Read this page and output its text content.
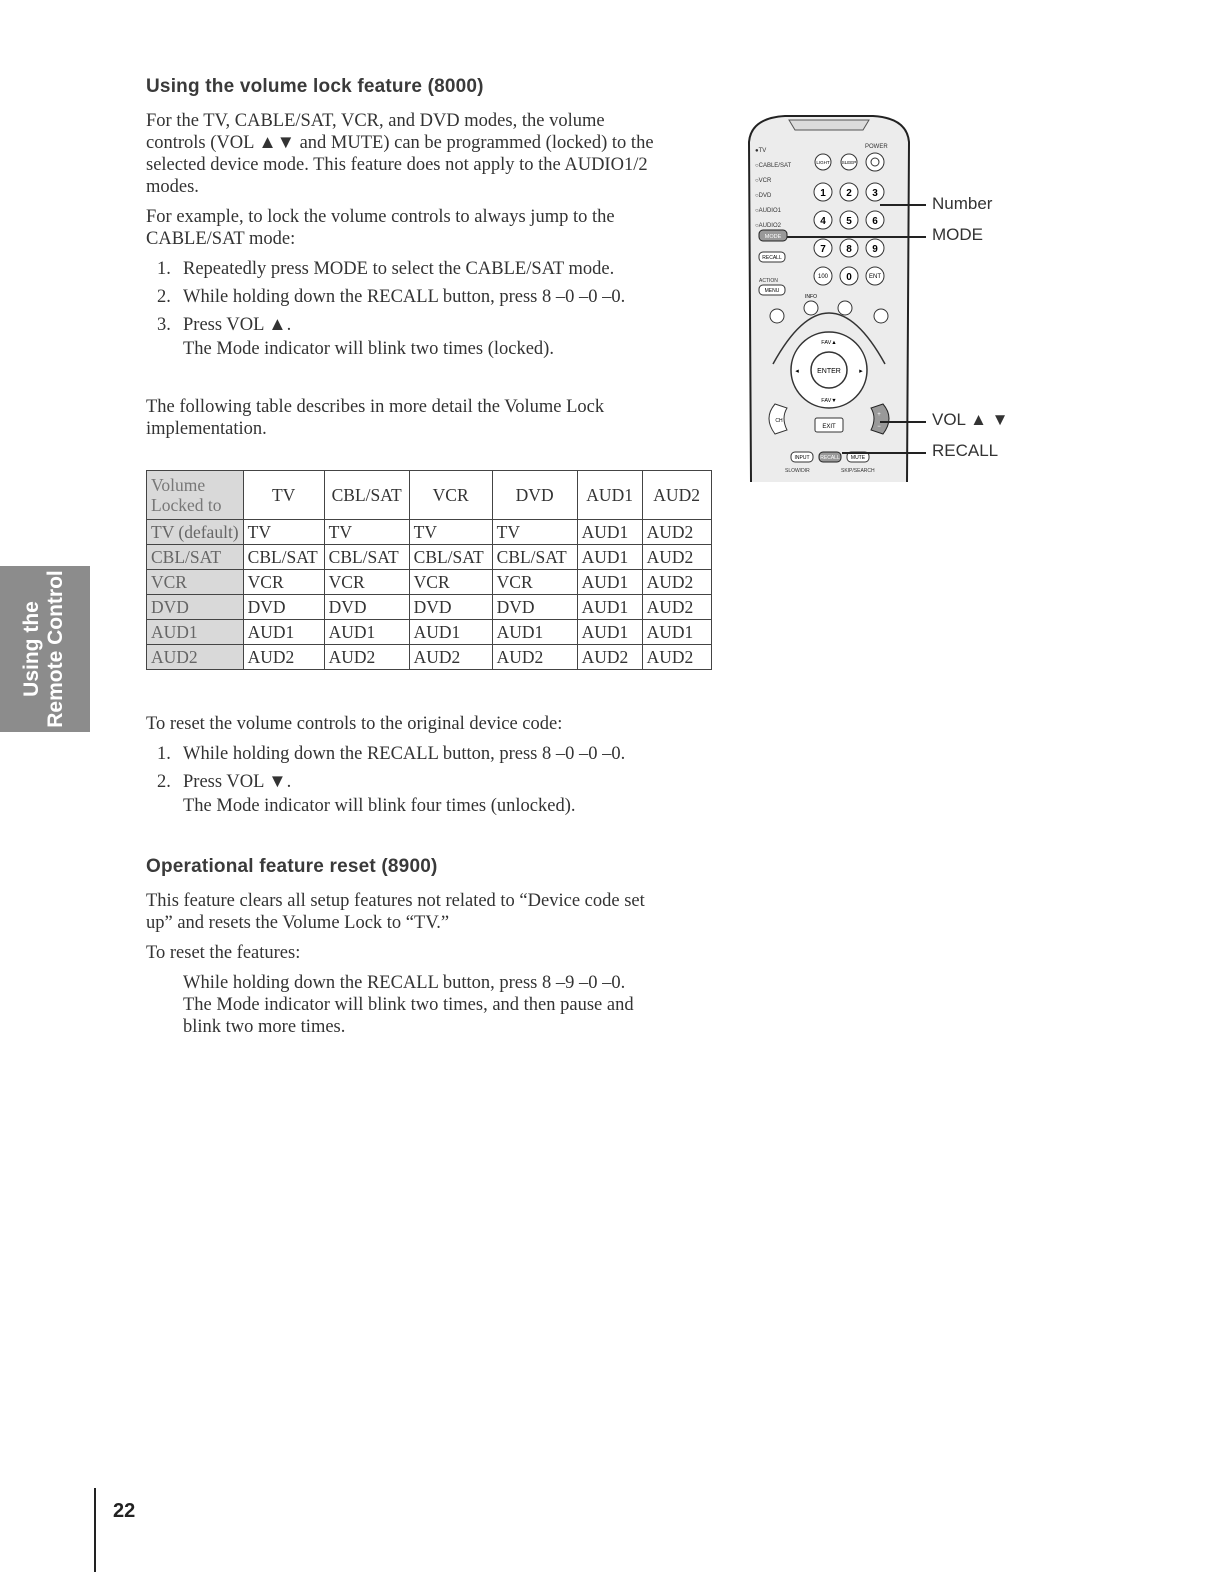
Using the volume lock feature (8000)

For the TV, CABLE/SAT, VCR, and DVD modes, the volume
controls (VOL ▲▼ and MUTE) can be programmed (locked) to the
selected device mode. This feature does not apply to the AUDIO1/2
modes.

For example, to lock the volume controls to always jump to the
CABLE/SAT mode:

1. Repeatedly press MODE to select the CABLE/SAT mode.

2. While holding down the RECALL button, press 8 –0 –0 –0.

3. Press VOL ▲.

The Mode indicator will blink two times (locked).

The following table describes in more detail the Volume Lock
implementation.

Volume
Locked to	TV	CBL/SAT	VCR	DVD	AUD1	AUD2
TV (default)	TV	TV	TV	TV	AUD1	AUD2
CBL/SAT	CBL/SAT	CBL/SAT	CBL/SAT	CBL/SAT	AUD1	AUD2
VCR	VCR	VCR	VCR	VCR	AUD1	AUD2
DVD	DVD	DVD	DVD	DVD	AUD1	AUD2
AUD1	AUD1	AUD1	AUD1	AUD1	AUD1	AUD1
AUD2	AUD2	AUD2	AUD2	AUD2	AUD2	AUD2

To reset the volume controls to the original device code:

1. While holding down the RECALL button, press 8 –0 –0 –0.

2. Press VOL ▼.

The Mode indicator will blink four times (unlocked).

Operational feature reset (8900)

This feature clears all setup features not related to “Device code set
up” and resets the Volume Lock to “TV.”

To reset the features:

While holding down the RECALL button, press 8 –9 –0 –0.
The Mode indicator will blink two times, and then pause and
blink two more times.

Using the Remote Control
22
●TV
○CABLE/SAT
○VCR
○DVD
○AUDIO1
○AUDIO2
POWER
LIGHT	SLEEP
1 2 3
4 5 6
7 8 9
100 0	ENT
MODE
RECALL
ACTION
MENU
INFO
ENTER
FAV▲
FAV▼
◂	▸
CH
+
−
EXIT
INPUT RECALL MUTE
SLOW/DIR	SKIP/SEARCH
Number
MODE
VOL ▲ ▼
RECALL
